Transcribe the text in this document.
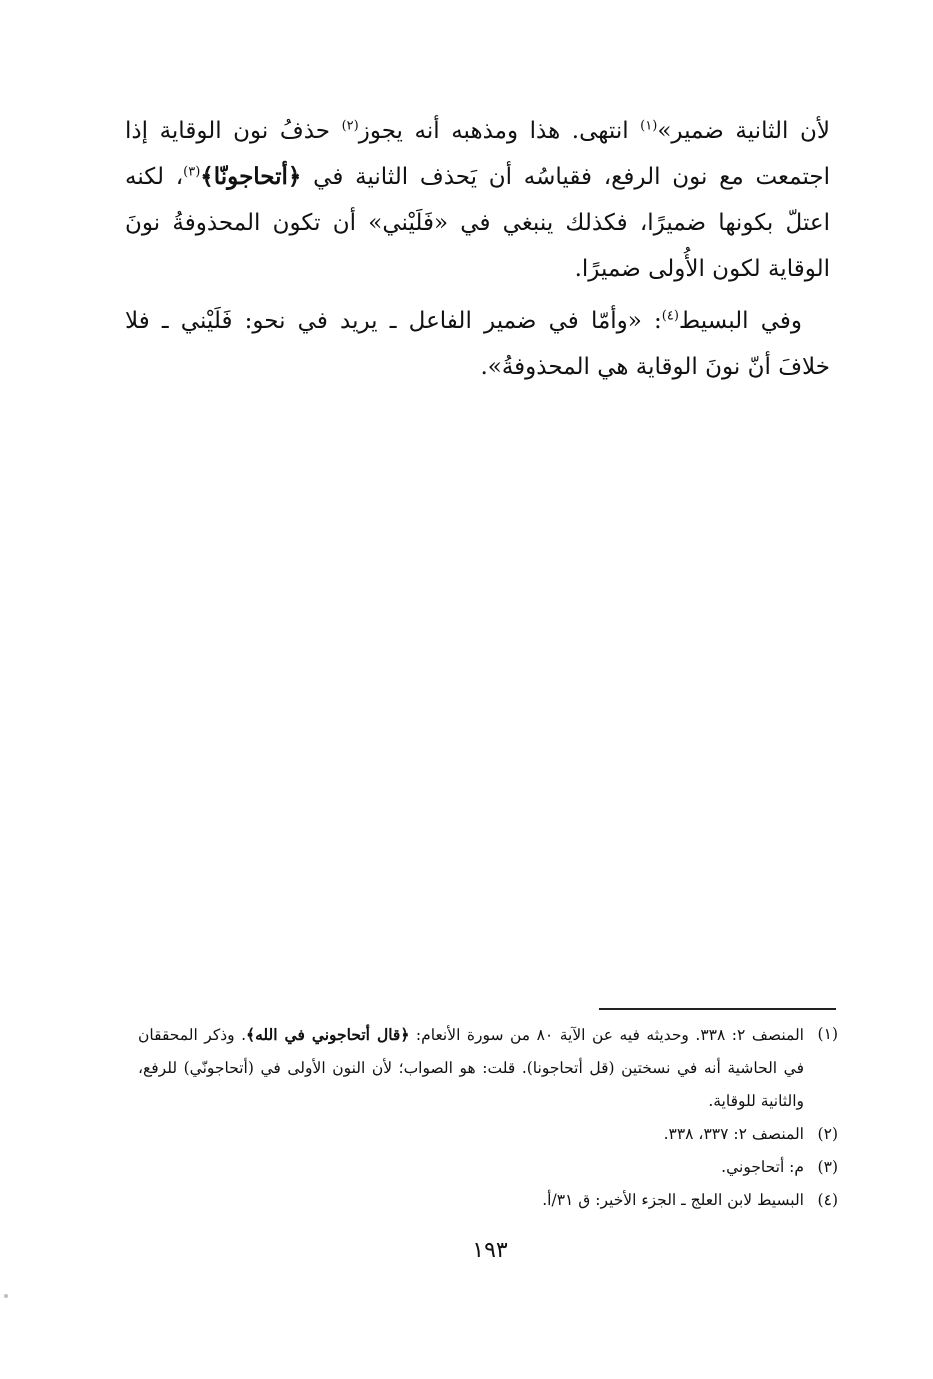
لأن الثانية ضمير»$^{(١)}$ انتهى. هذا ومذهبه أنه يجوز$^{(٢)}$ حذفُ نون الوقاية إذا اجتمعت مع نون الرفع، فقياسُه أن يَحذف الثانية في ﴿أتحاجونّا﴾$^{(٣)}$، لكنه اعتلّ بكونها ضميرًا، فكذلك ينبغي في «فَلَيْني» أن تكون المحذوفةُ نونَ الوقاية لكون الأُولى ضميرًا.

وفي البسيط$^{(٤)}$: «وأمّا في ضمير الفاعل ـ يريد في نحو: فَلَيْني ـ فلا خلافَ أنّ نونَ الوقاية هي المحذوفةُ».

(١)
المنصف ٢: ٣٣٨. وحديثه فيه عن الآية ٨٠ من سورة الأنعام: ﴿قال أتحاجوني في الله﴾. وذكر المحققان في الحاشية أنه في نسختين (قل أتحاجونا). قلت: هو الصواب؛ لأن النون الأولى في (أتحاجونّي) للرفع، والثانية للوقاية.
(٢)
المنصف ٢: ٣٣٧، ٣٣٨.
(٣)
م: أتحاجوني.
(٤)
البسيط لابن العلج ـ الجزء الأخير: ق ٣١/أ.
١٩٣
